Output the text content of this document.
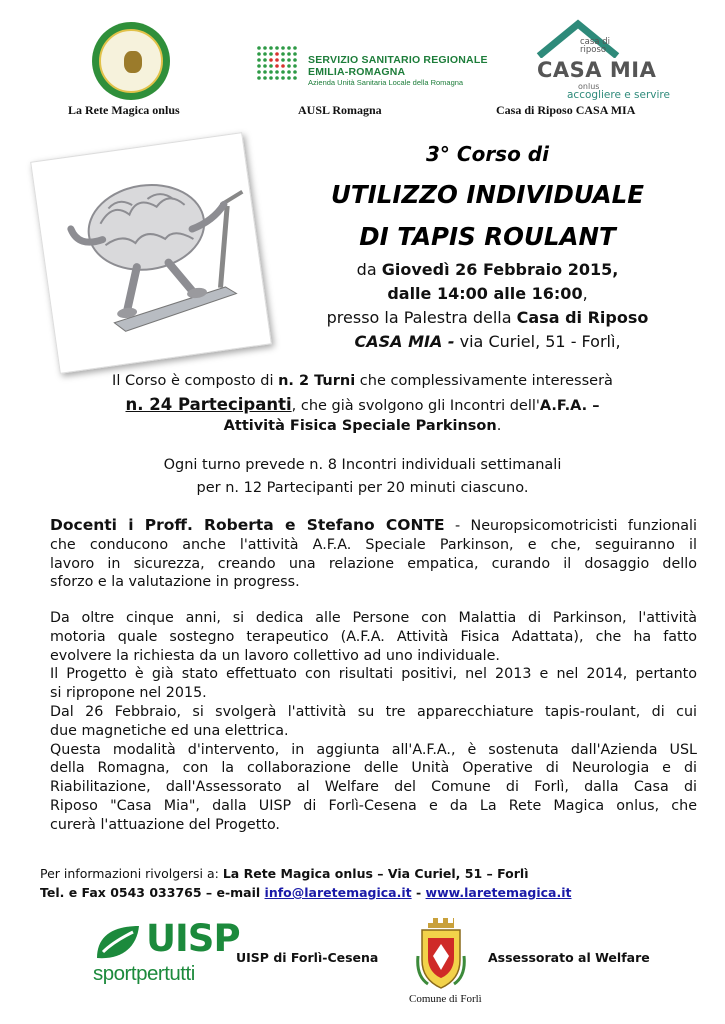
SERVIZIO SANITARIO REGIONALE
EMILIA-ROMAGNA
Azienda Unità Sanitaria Locale della Romagna
casa di riposo
CASA MIA
onlus
accogliere e servire
La Rete Magica onlus	AUSL Romagna	Casa di Riposo CASA MIA
3° Corso di
UTILIZZO INDIVIDUALE
DI TAPIS ROULANT
da Giovedì 26 Febbraio 2015,
dalle 14:00 alle 16:00,
presso la Palestra della Casa di Riposo
CASA MIA - via Curiel, 51 - Forlì,
Il Corso è composto di n. 2 Turni che complessivamente interesserà
n. 24 Partecipanti, che già svolgono gli Incontri dell'A.F.A. –
Attività Fisica Speciale Parkinson.
Ogni turno prevede n. 8 Incontri individuali settimanali
per n. 12 Partecipanti per 20 minuti ciascuno.
Docenti i Proff. Roberta e Stefano CONTE - Neuropsicomotricisti funzionali
che conducono anche l'attività A.F.A. Speciale Parkinson, e che, seguiranno il
lavoro in sicurezza, creando una relazione empatica, curando il dosaggio dello
sforzo e la valutazione in progress.
Da oltre cinque anni, si dedica alle Persone con Malattia di Parkinson, l'attività
motoria quale sostegno terapeutico (A.F.A. Attività Fisica Adattata), che ha fatto
evolvere la richiesta da un lavoro collettivo ad uno individuale.
Il Progetto è già stato effettuato con risultati positivi, nel 2013 e nel 2014, pertanto
si ripropone nel 2015.
Dal 26 Febbraio, si svolgerà l'attività su tre apparecchiature tapis-roulant, di cui
due magnetiche ed una elettrica.
Questa modalità d'intervento, in aggiunta all'A.F.A., è sostenuta dall'Azienda USL
della Romagna, con la collaborazione delle Unità Operative di Neurologia e di
Riabilitazione, dall'Assessorato al Welfare del Comune di Forlì, dalla Casa di
Riposo "Casa Mia", dalla UISP di Forlì-Cesena e da La Rete Magica onlus, che
curerà l'attuazione del Progetto.
Per informazioni rivolgersi a: La Rete Magica onlus – Via Curiel, 51 – Forlì
Tel. e Fax 0543 033765 – e-mail info@laretemagica.it - www.laretemagica.it
UISP
sportpertutti
UISP di Forlì-Cesena
Comune di Forlì
Assessorato al Welfare
